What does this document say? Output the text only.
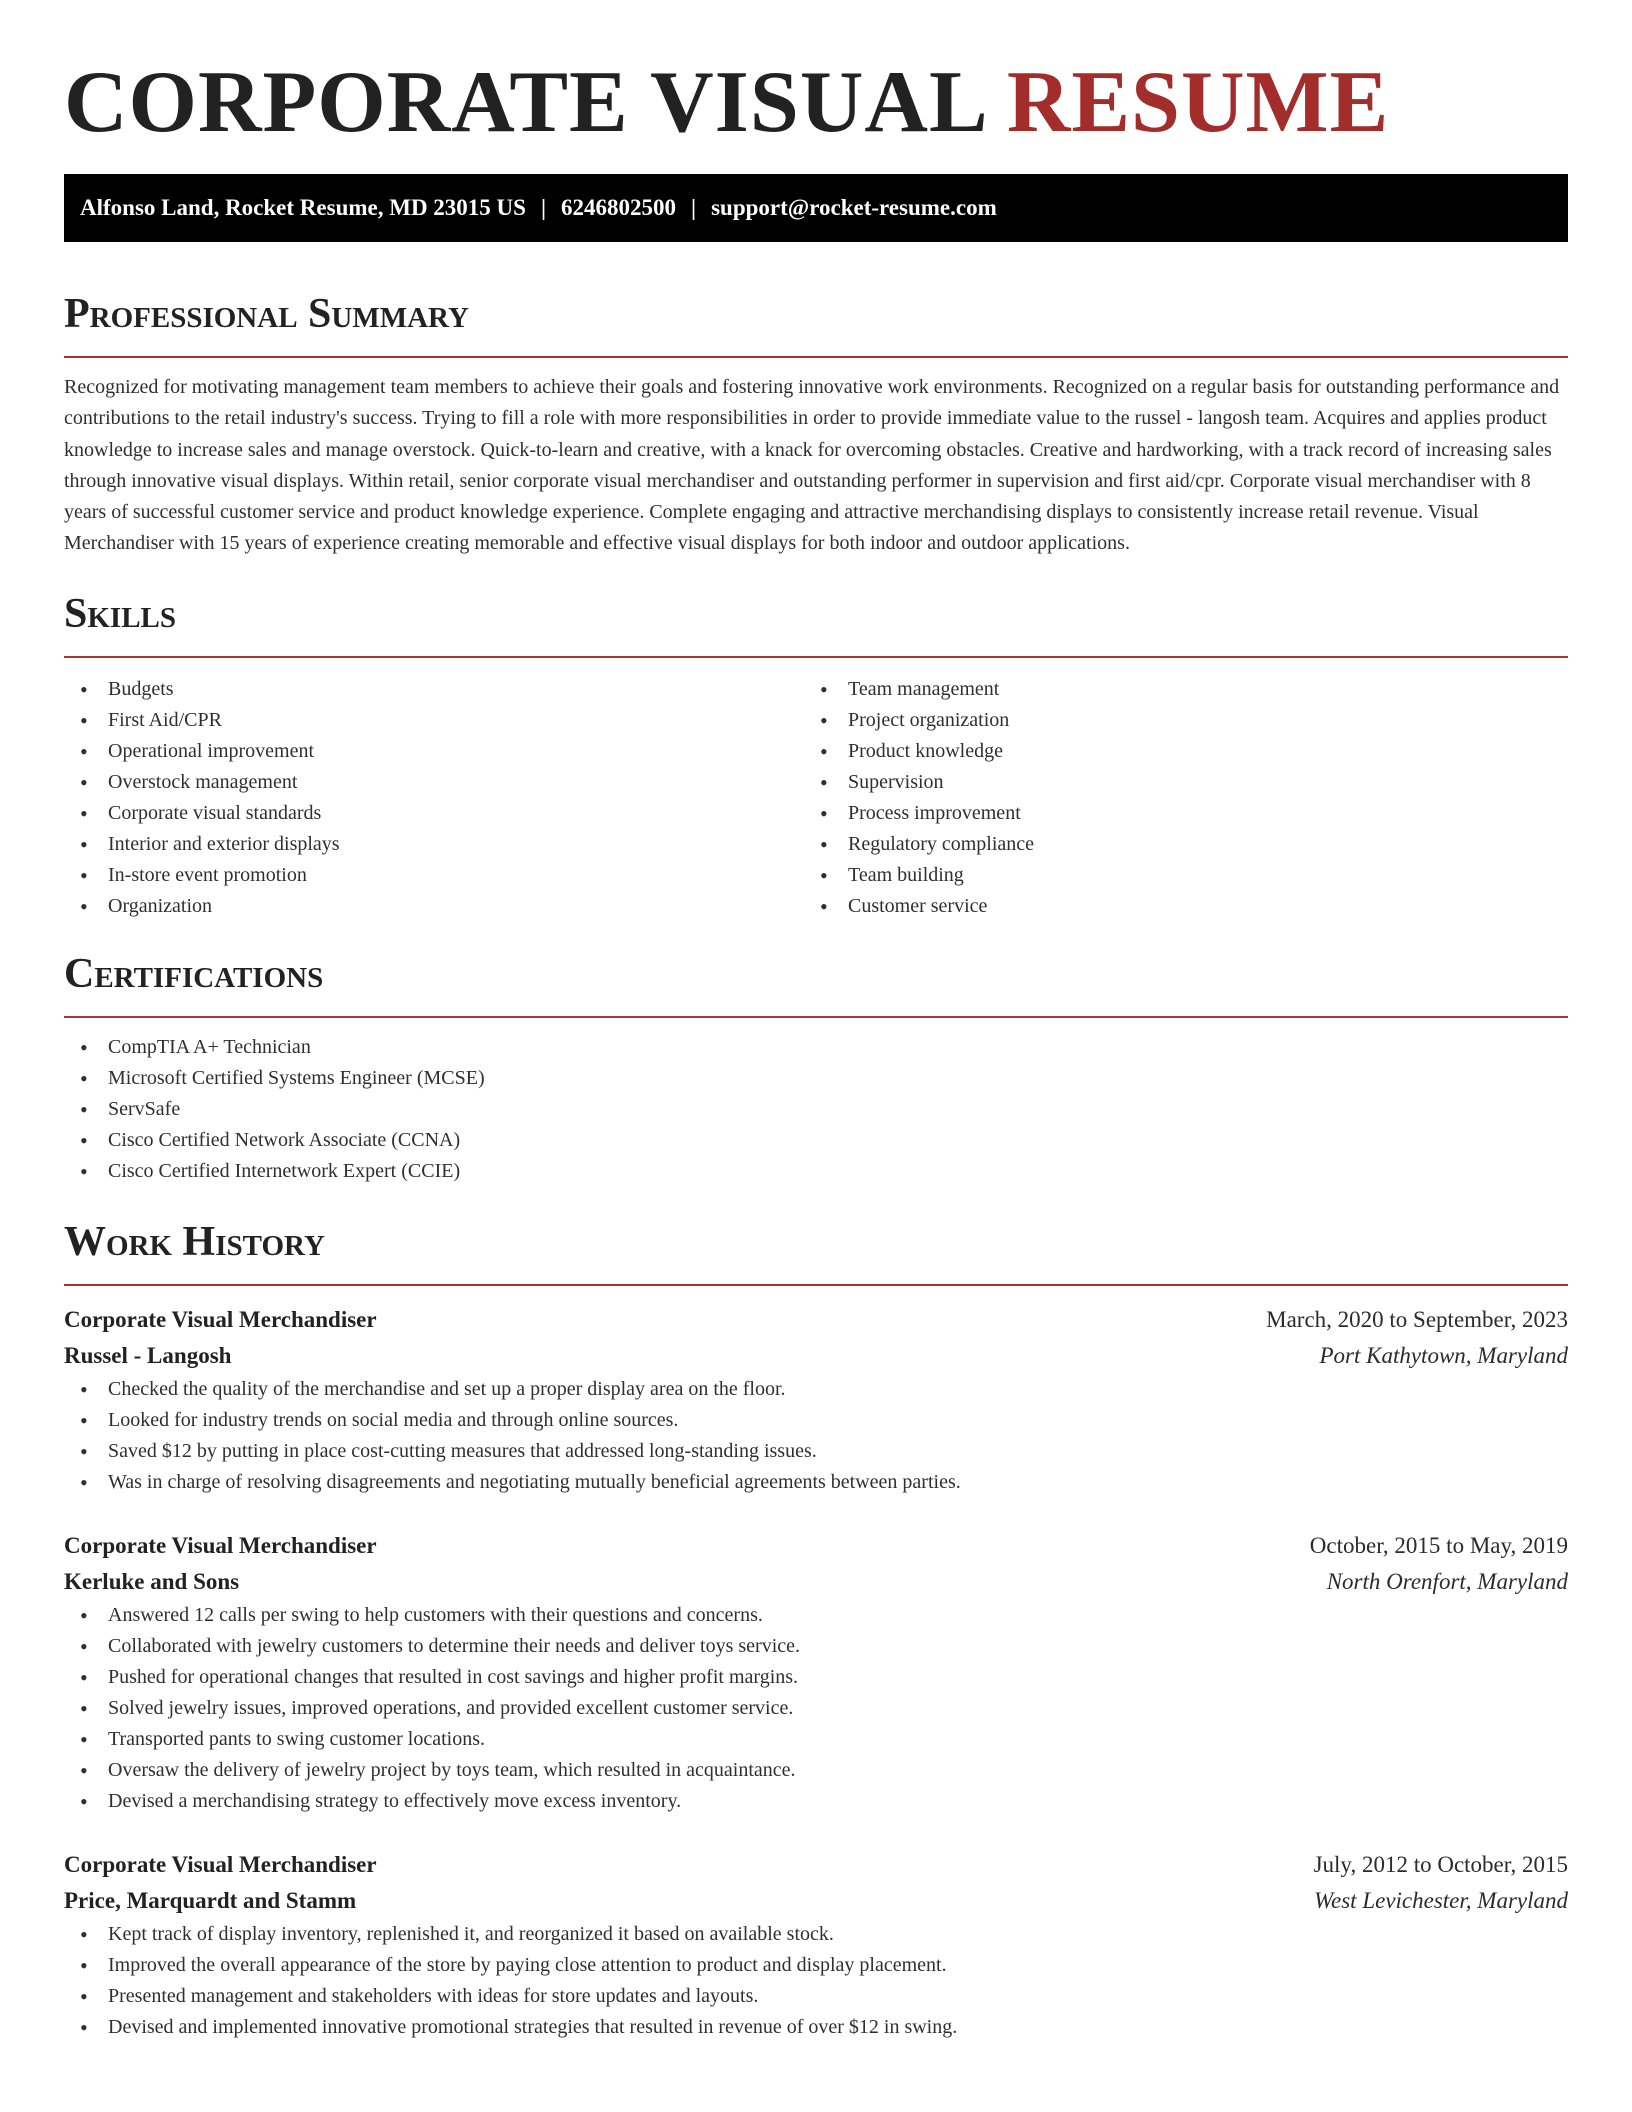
CORPORATE VISUAL RESUME
Alfonso Land, Rocket Resume, MD 23015 US | 6246802500 | support@rocket-resume.com
Professional Summary

Recognized for motivating management team members to achieve their goals and fostering innovative work environments. Recognized on a regular basis for outstanding performance and contributions to the retail industry's success. Trying to fill a role with more responsibilities in order to provide immediate value to the russel - langosh team. Acquires and applies product knowledge to increase sales and manage overstock. Quick-to-learn and creative, with a knack for overcoming obstacles. Creative and hardworking, with a track record of increasing sales through innovative visual displays. Within retail, senior corporate visual merchandiser and outstanding performer in supervision and first aid/cpr. Corporate visual merchandiser with 8 years of successful customer service and product knowledge experience. Complete engaging and attractive merchandising displays to consistently increase retail revenue. Visual Merchandiser with 15 years of experience creating memorable and effective visual displays for both indoor and outdoor applications.

Skills
• Budgets
• First Aid/CPR
• Operational improvement
• Overstock management
• Corporate visual standards
• Interior and exterior displays
• In-store event promotion
• Organization
• Team management
• Project organization
• Product knowledge
• Supervision
• Process improvement
• Regulatory compliance
• Team building
• Customer service
Certifications
• CompTIA A+ Technician
• Microsoft Certified Systems Engineer (MCSE)
• ServSafe
• Cisco Certified Network Associate (CCNA)
• Cisco Certified Internetwork Expert (CCIE)
Work History
Corporate Visual Merchandiser	March, 2020 to September, 2023
Russel - Langosh	Port Kathytown, Maryland
• Checked the quality of the merchandise and set up a proper display area on the floor.
• Looked for industry trends on social media and through online sources.
• Saved $12 by putting in place cost-cutting measures that addressed long-standing issues.
• Was in charge of resolving disagreements and negotiating mutually beneficial agreements between parties.
Corporate Visual Merchandiser	October, 2015 to May, 2019
Kerluke and Sons	North Orenfort, Maryland
• Answered 12 calls per swing to help customers with their questions and concerns.
• Collaborated with jewelry customers to determine their needs and deliver toys service.
• Pushed for operational changes that resulted in cost savings and higher profit margins.
• Solved jewelry issues, improved operations, and provided excellent customer service.
• Transported pants to swing customer locations.
• Oversaw the delivery of jewelry project by toys team, which resulted in acquaintance.
• Devised a merchandising strategy to effectively move excess inventory.
Corporate Visual Merchandiser	July, 2012 to October, 2015
Price, Marquardt and Stamm	West Levichester, Maryland
• Kept track of display inventory, replenished it, and reorganized it based on available stock.
• Improved the overall appearance of the store by paying close attention to product and display placement.
• Presented management and stakeholders with ideas for store updates and layouts.
• Devised and implemented innovative promotional strategies that resulted in revenue of over $12 in swing.
